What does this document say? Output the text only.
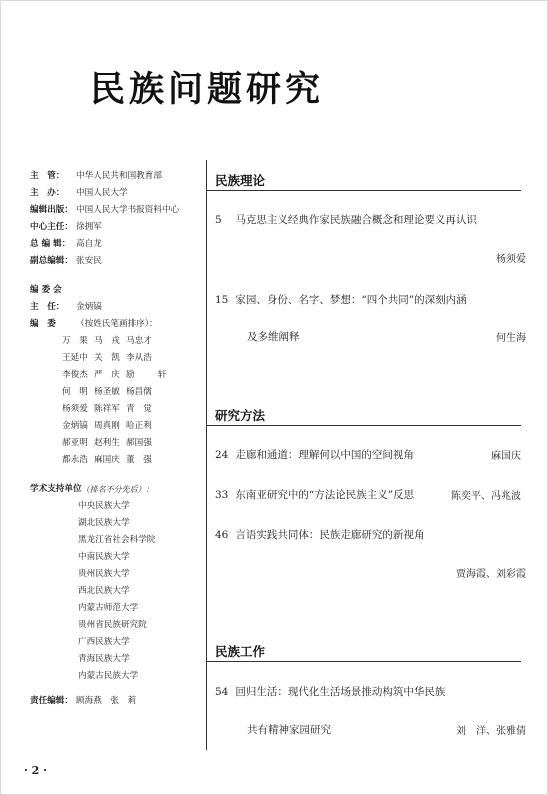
民族问题研究
主　管：	中华人民共和国教育部
主　办：	中国人民大学
编辑出版： 中国人民大学书报资料中心
中心主任： 徐拥军
总 编 辑： 高自龙
副总编辑： 张安民
编 委 会
主　任：	金炳镐
编　委	（按姓氏笔画排序）：
万　果 马　戎 马忠才
王延中 关　凯 李从浩
李俊杰 严　庆 励	轩
何　明 杨圣敏 杨昌儒
杨须爱 陈祥军 青　觉
金炳镐 周真刚 哈正利
郝亚明 赵利生 郝国强
都永浩 麻国庆 董　强
学术支持单位 （排名不分先后）：
中央民族大学
湖北民族大学
黑龙江省社会科学院
中南民族大学
贵州民族大学
西北民族大学
内蒙古师范大学
贵州省民族研究院
广西民族大学
青海民族大学
内蒙古民族大学
责任编辑： 顾海燕　张　莉
民族理论
5 马克思主义经典作家民族融合概念和理论要义再认识
杨须爱
15 家园、身份、名字、梦想：“四个共同”的深刻内涵
及多维阐释	何生海
研究方法
24 走廊和通道：理解何以中国的空间视角	麻国庆
33 东南亚研究中的“方法论民族主义”反思	陈奕平、冯兆波
46 言语实践共同体：民族走廊研究的新视角
贾海霞、刘彩霞
民族工作
54 回归生活：现代化生活场景推动构筑中华民族
共有精神家园研究	刘　洋、张雅倩
· 2 ·
